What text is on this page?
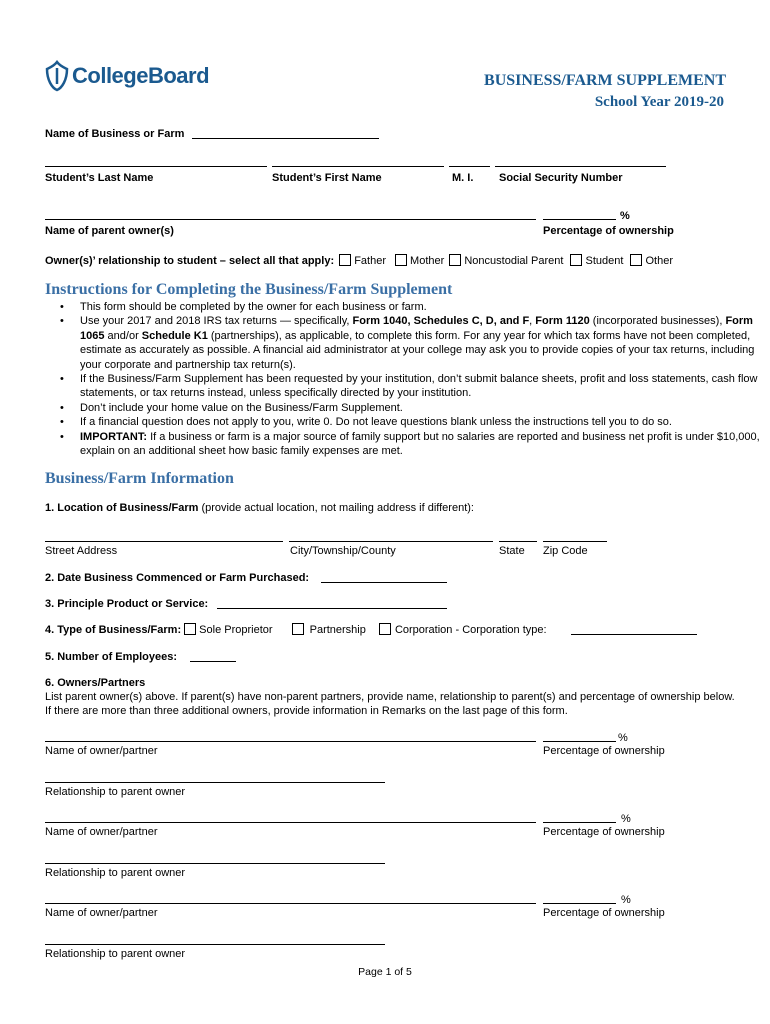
CollegeBoard	BUSINESS/FARM SUPPLEMENT
School Year 2019-20
Name of Business or Farm
Student’s Last Name	Student’s First Name	M. I. Social Security Number
%
Name of parent owner(s)	Percentage of ownership
Owner(s)’ relationship to student – select all that apply: Father Mother Noncustodial Parent Student Other
Instructions for Completing the Business/Farm Supplement
• This form should be completed by the owner for each business or farm.
• Use your 2017 and 2018 IRS tax returns — specifically, Form 1040, Schedules C, D, and F, Form 1120 (incorporated businesses), Form 1065 and/or Schedule K1 (partnerships), as applicable, to complete this form. For any year for which tax forms have not been completed, estimate as accurately as possible. A financial aid administrator at your college may ask you to provide copies of your tax returns, including your corporate and partnership tax return(s).
• If the Business/Farm Supplement has been requested by your institution, don’t submit balance sheets, profit and loss statements, cash flow statements, or tax returns instead, unless specifically directed by your institution.
• Don’t include your home value on the Business/Farm Supplement.
• If a financial question does not apply to you, write 0. Do not leave questions blank unless the instructions tell you to do so.
• IMPORTANT: If a business or farm is a major source of family support but no salaries are reported and business net profit is under $10,000, explain on an additional sheet how basic family expenses are met.
Business/Farm Information
1. Location of Business/Farm (provide actual location, not mailing address if different):
Street Address	City/Township/County	State Zip Code
2. Date Business Commenced or Farm Purchased:
3. Principle Product or Service:
4. Type of Business/Farm: Sole Proprietor	Partnership	Corporation - Corporation type:
5. Number of Employees:
6. Owners/Partners
List parent owner(s) above. If parent(s) have non-parent partners, provide name, relationship to parent(s) and percentage of ownership below. If there are more than three additional owners, provide information in Remarks on the last page of this form.
%
Name of owner/partner	Percentage of ownership
Relationship to parent owner
%
Name of owner/partner	Percentage of ownership
Relationship to parent owner
%
Name of owner/partner	Percentage of ownership
Relationship to parent owner
Page 1 of 5
